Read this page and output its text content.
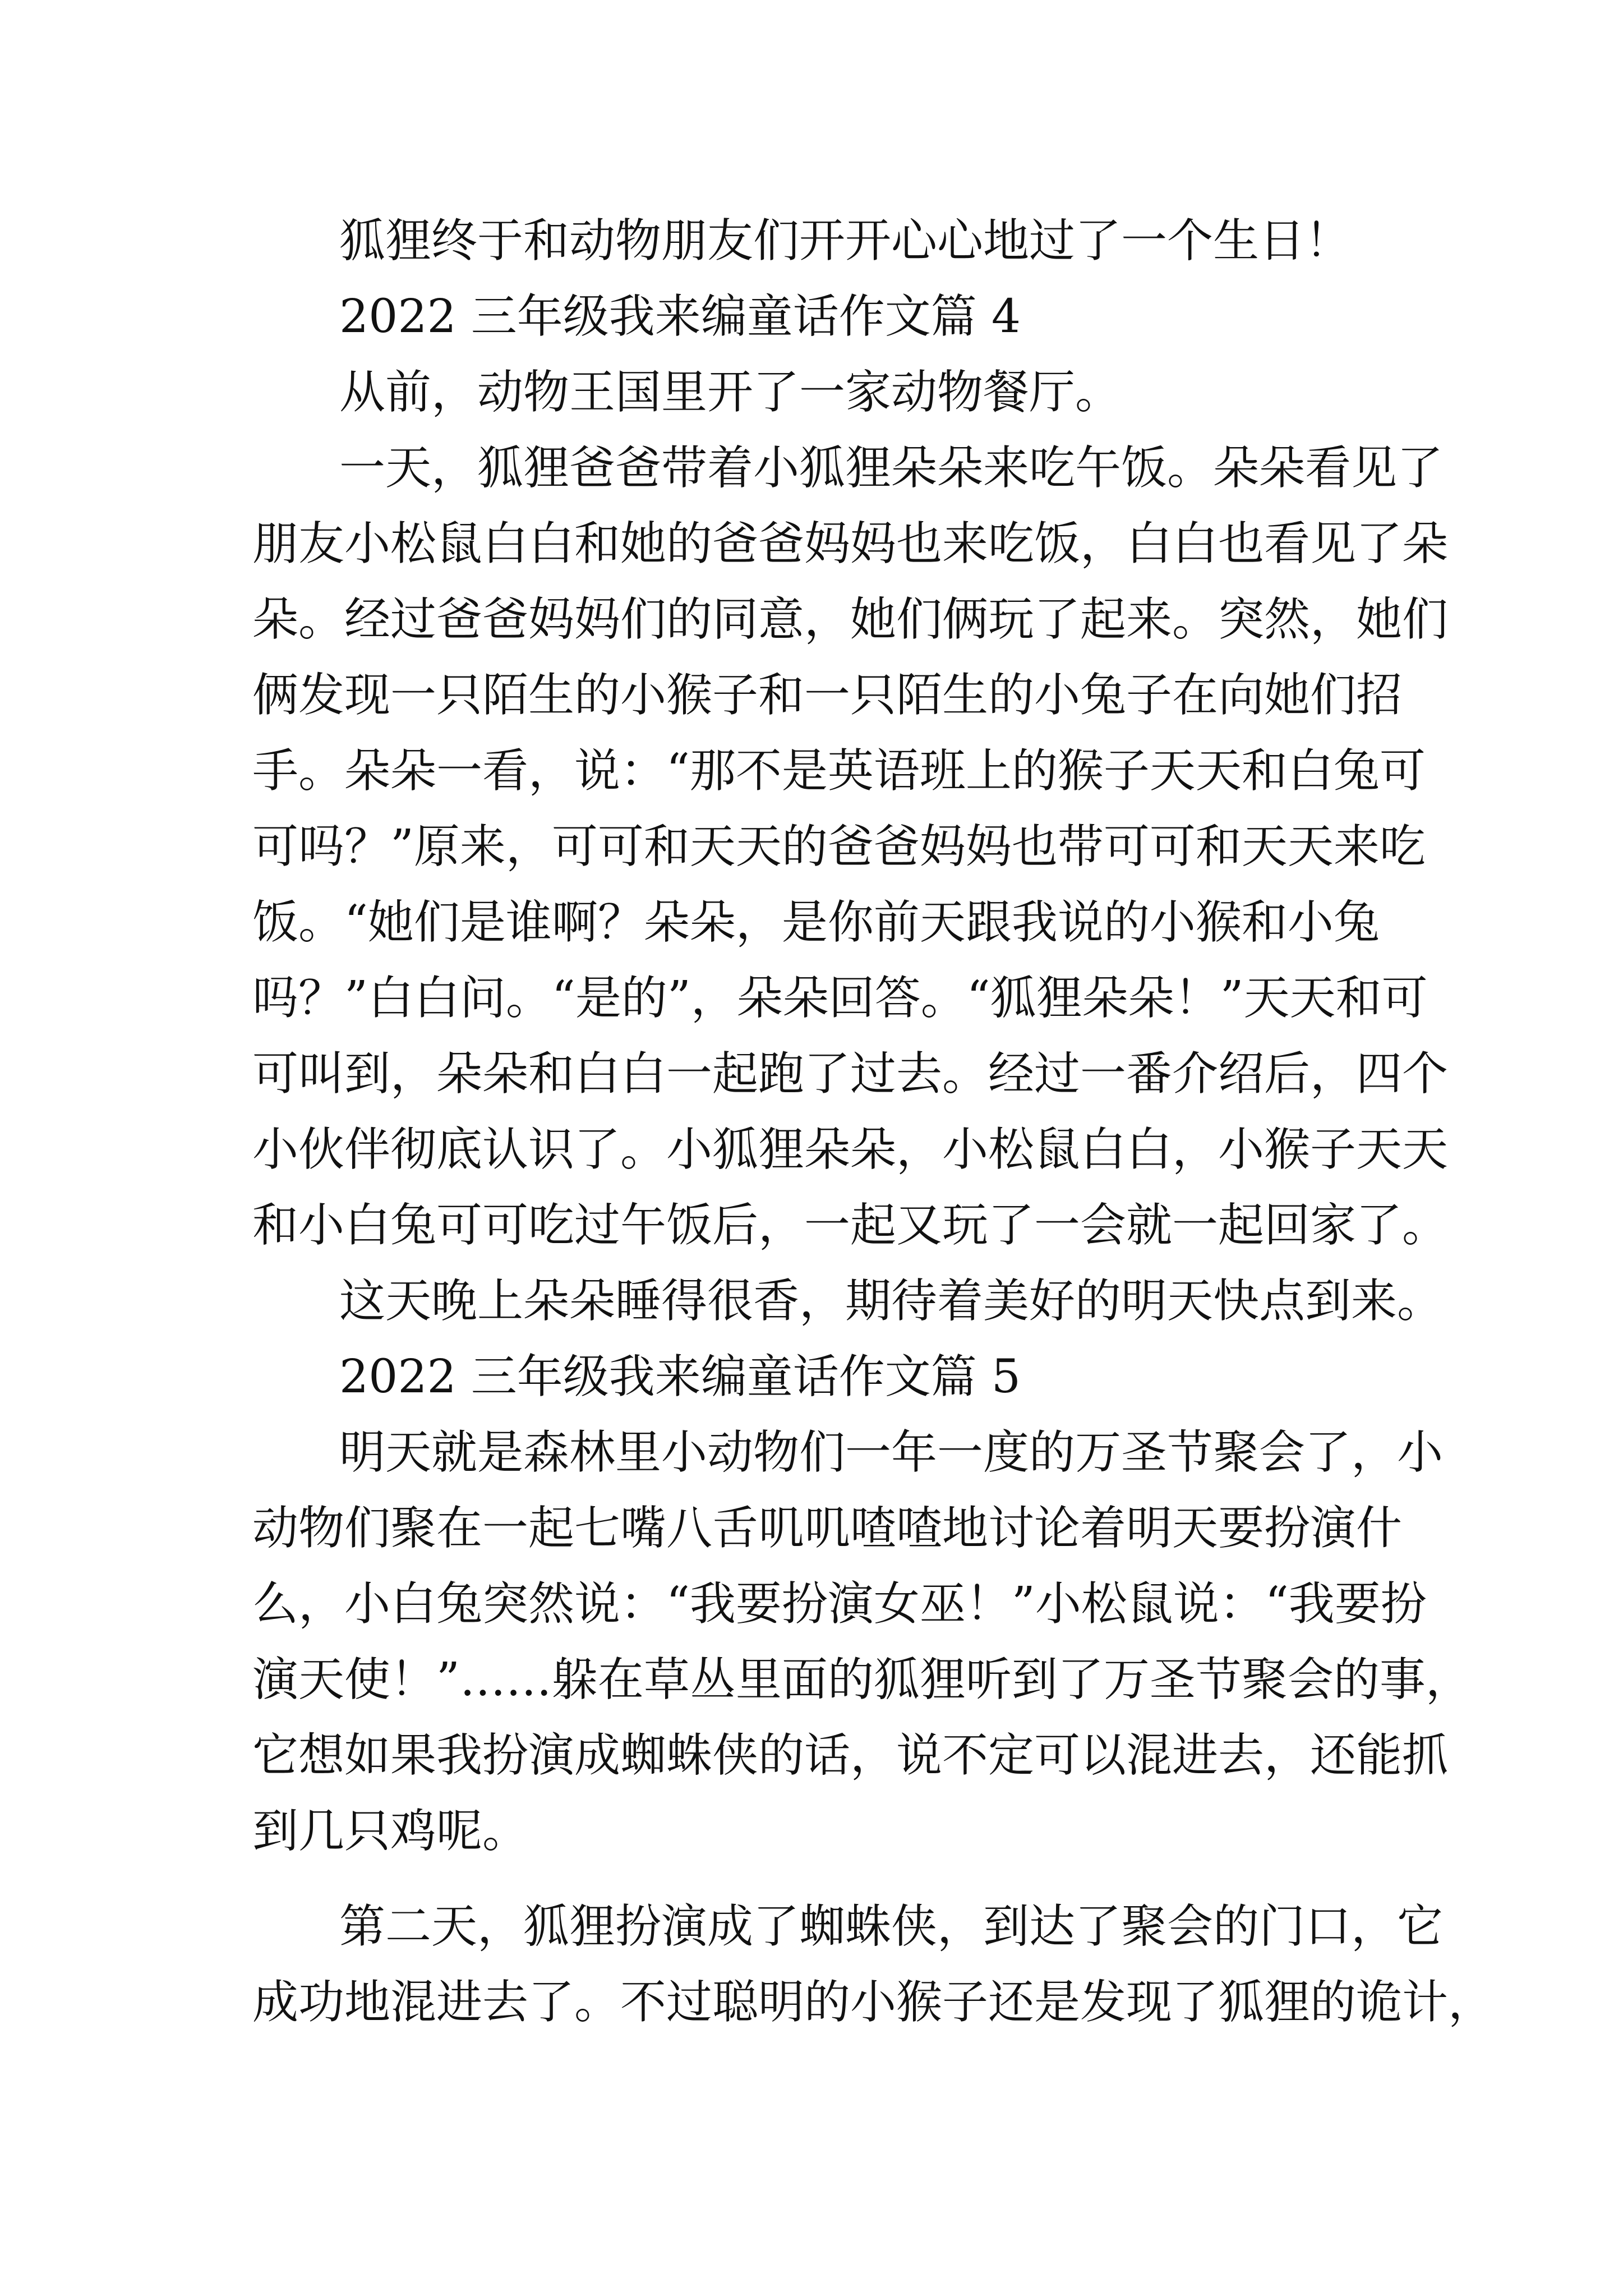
狐狸终于和动物朋友们开开心心地过了一个生日！
2022 三年级我来编童话作文篇 4
从前，动物王国里开了一家动物餐厅。
一天，狐狸爸爸带着小狐狸朵朵来吃午饭。朵朵看见了
朋友小松鼠白白和她的爸爸妈妈也来吃饭，白白也看见了朵
朵。经过爸爸妈妈们的同意，她们俩玩了起来。突然，她们
俩发现一只陌生的小猴子和一只陌生的小兔子在向她们招
手。朵朵一看，说：“那不是英语班上的猴子天天和白兔可
可吗？”原来，可可和天天的爸爸妈妈也带可可和天天来吃
饭。“她们是谁啊？朵朵，是你前天跟我说的小猴和小兔
吗？”白白问。“是的”，朵朵回答。“狐狸朵朵！”天天和可
可叫到，朵朵和白白一起跑了过去。经过一番介绍后，四个
小伙伴彻底认识了。小狐狸朵朵，小松鼠白白，小猴子天天
和小白兔可可吃过午饭后，一起又玩了一会就一起回家了。
这天晚上朵朵睡得很香，期待着美好的明天快点到来。
2022 三年级我来编童话作文篇 5
明天就是森林里小动物们一年一度的万圣节聚会了，小
动物们聚在一起七嘴八舌叽叽喳喳地讨论着明天要扮演什
么，小白兔突然说：“我要扮演女巫！”小松鼠说：“我要扮
演天使！”……躲在草丛里面的狐狸听到了万圣节聚会的事，
它想如果我扮演成蜘蛛侠的话，说不定可以混进去，还能抓
到几只鸡呢。
第二天，狐狸扮演成了蜘蛛侠，到达了聚会的门口，它
成功地混进去了。不过聪明的小猴子还是发现了狐狸的诡计，
